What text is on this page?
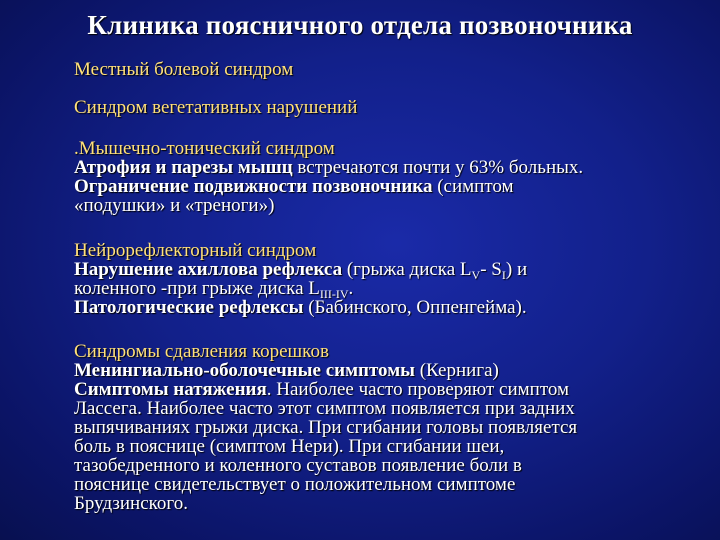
Клиника поясничного отдела позвоночника
Местный болевой синдром
Синдром вегетативных нарушений
.Мышечно-тонический синдром
Атрофия и парезы мышц встречаются почти у 63% больных.
Ограничение подвижности позвоночника (симптом
«подушки» и «треноги»)
Нейрорефлекторный синдром
Нарушение ахиллова рефлекса (грыжа диска $L_V-$ $S_I$) и
коленного -при грыже диска $L_{III-IV}$.
Патологические рефлексы (Бабинского, Оппенгейма).
Синдромы сдавления корешков
Менингиально-оболочечные симптомы (Кернига)
Симптомы натяжения. Наиболее часто проверяют симптом
Лассега. Наиболее часто этот симптом появляется при задних
выпячиваниях грыжи диска. При сгибании головы появляется
боль в пояснице (симптом Нери). При сгибании шеи,
тазобедренного и коленного суставов появление боли в
пояснице свидетельствует о положительном симптоме
Брудзинского.
